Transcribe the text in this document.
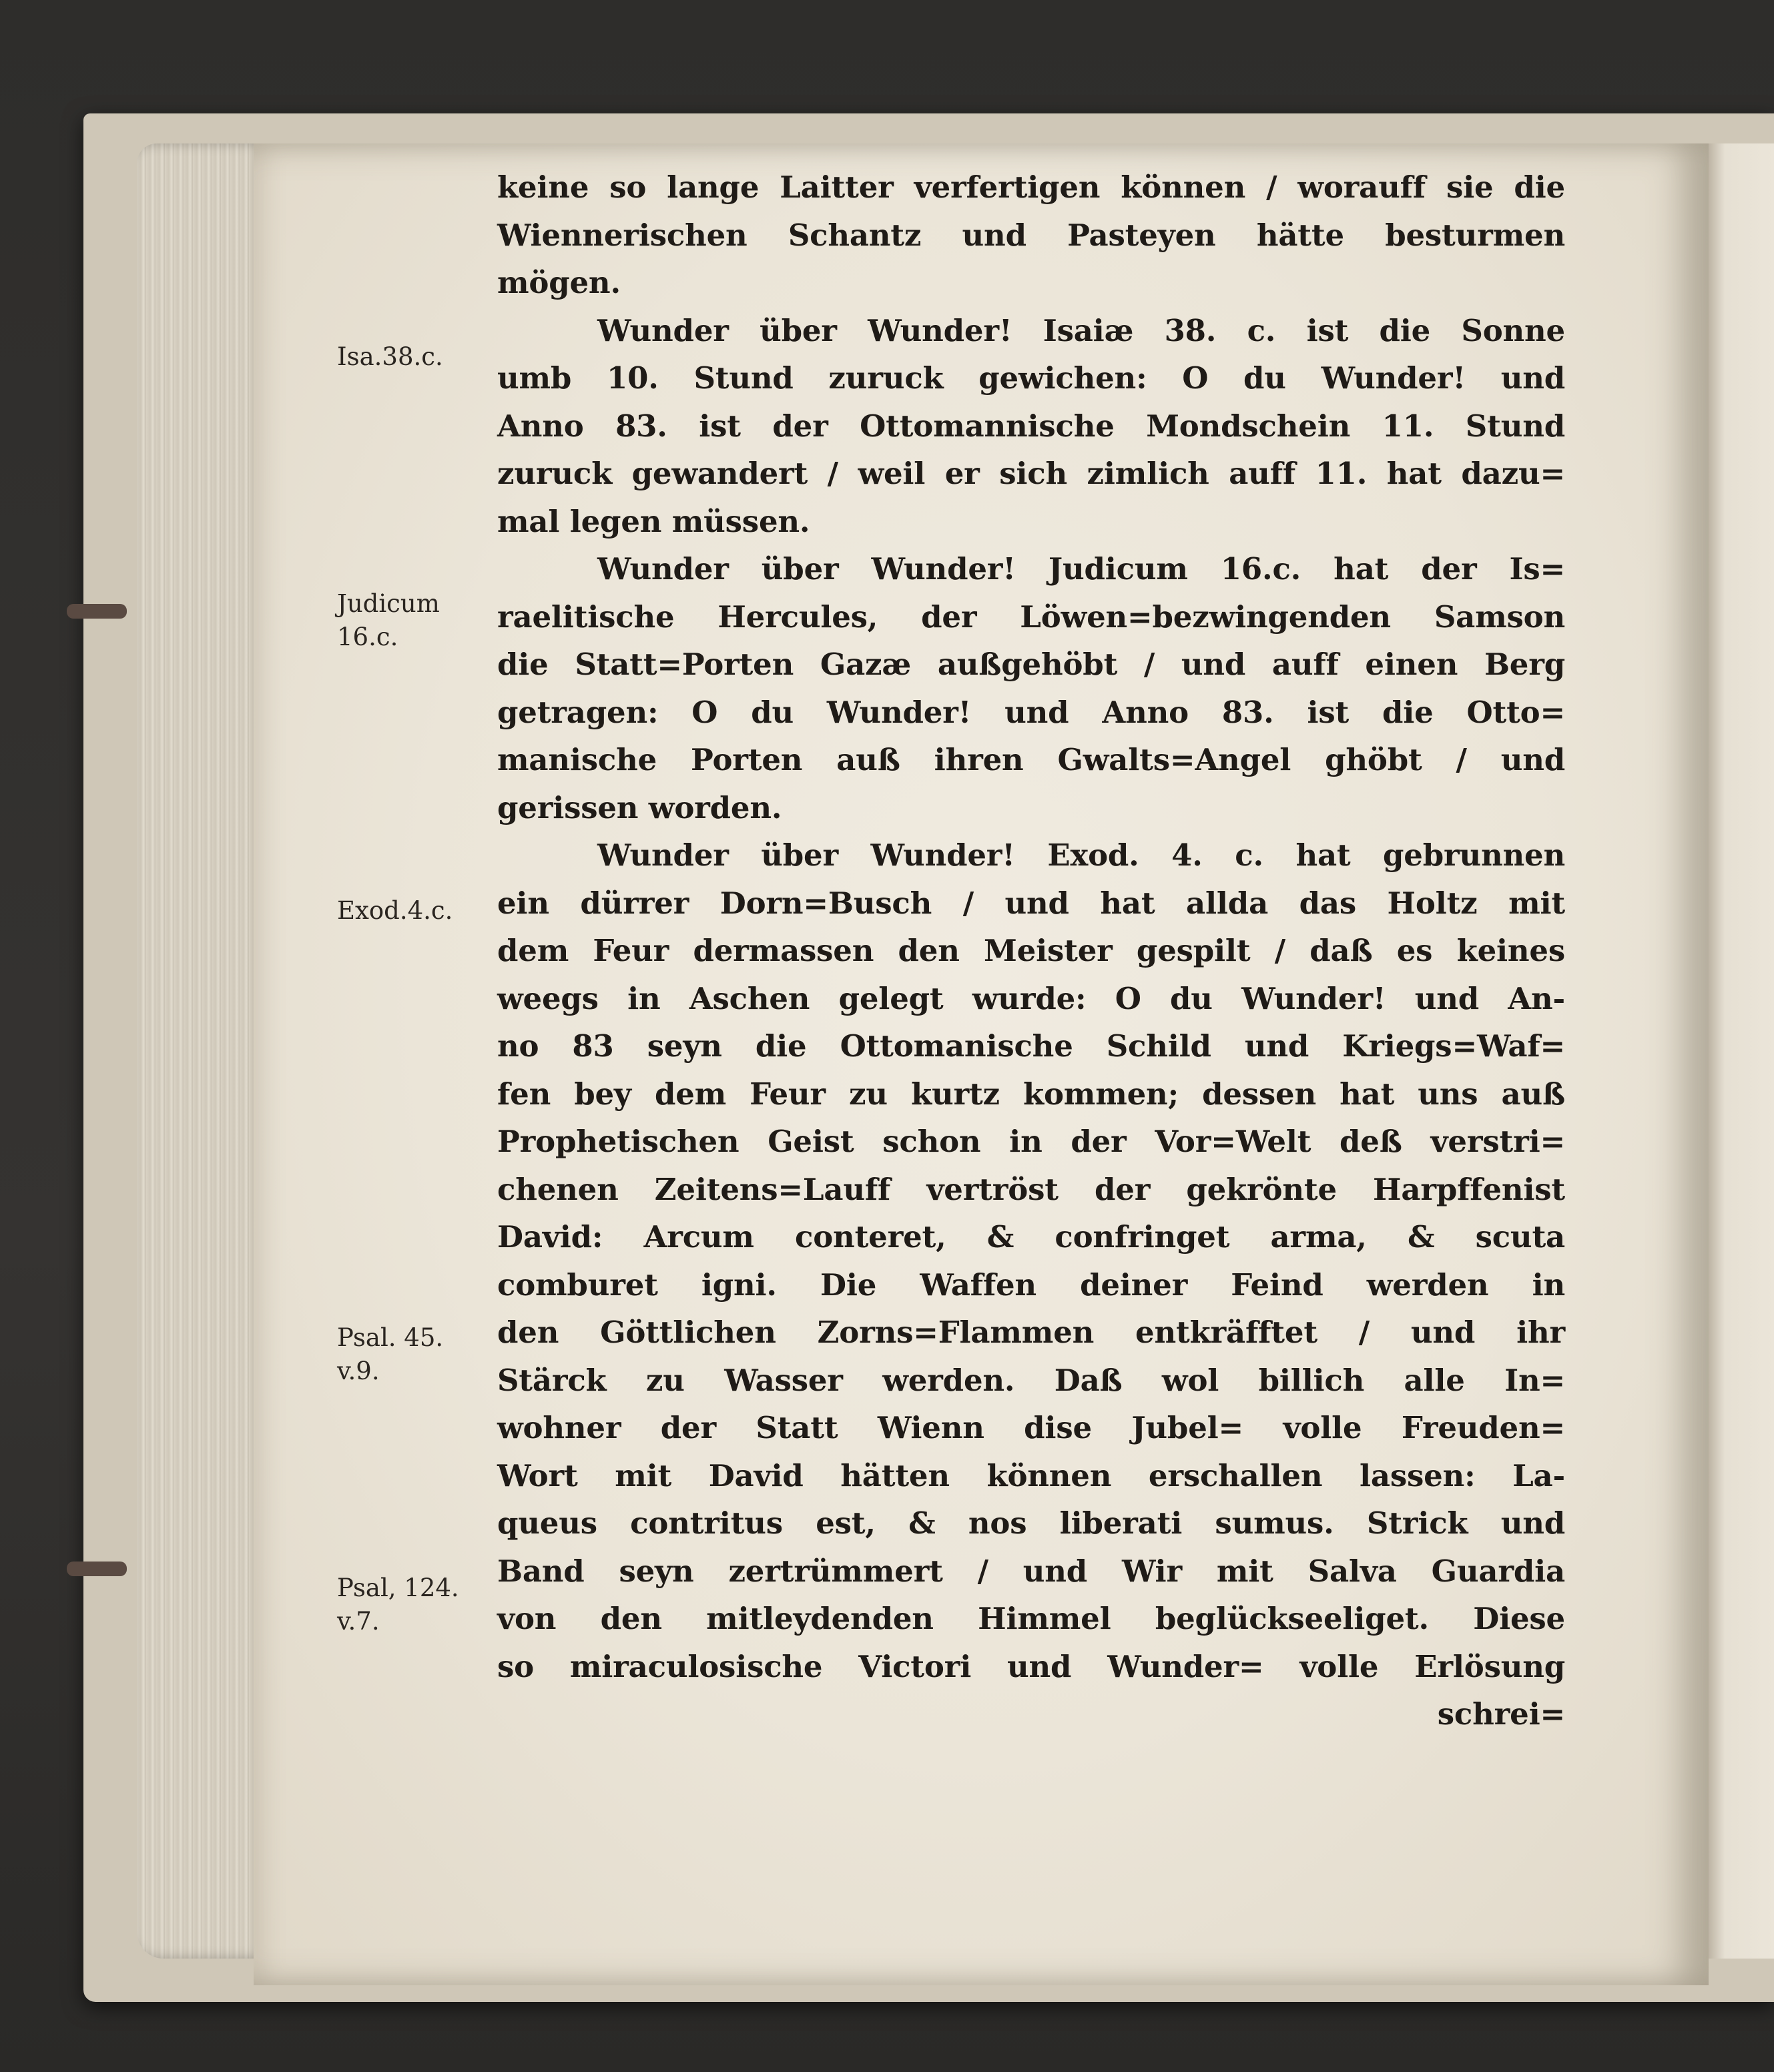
Isa.38.c.
Judicum
16.c.
Exod.4.c.
Psal. 45.
v.9.
Psal, 124.
v.7.
keine so lange Laitter verfertigen können / worauff sie die
Wiennerischen Schantz und Pasteyen hätte besturmen
mögen.
Wunder über Wunder! Isaiæ 38. c. ist die Sonne
umb 10. Stund zuruck gewichen: O du Wunder! und
Anno 83. ist der Ottomannische Mondschein 11. Stund
zuruck gewandert / weil er sich zimlich auff 11. hat dazu=
mal legen müssen.
Wunder über Wunder! Judicum 16.c. hat der Is=
raelitische Hercules, der Löwen=bezwingenden Samson
die Statt=Porten Gazæ außgehöbt / und auff einen Berg
getragen: O du Wunder! und Anno 83. ist die Otto=
manische Porten auß ihren Gwalts=Angel ghöbt / und
gerissen worden.
Wunder über Wunder! Exod. 4. c. hat gebrunnen
ein dürrer Dorn=Busch / und hat allda das Holtz mit
dem Feur dermassen den Meister gespilt / daß es keines
weegs in Aschen gelegt wurde: O du Wunder! und An-
no 83 seyn die Ottomanische Schild und Kriegs=Waf=
fen bey dem Feur zu kurtz kommen; dessen hat uns auß
Prophetischen Geist schon in der Vor=Welt deß verstri=
chenen Zeitens=Lauff vertröst der gekrönte Harpffenist
David: Arcum conteret, & confringet arma, & scuta
comburet igni. Die Waffen deiner Feind werden in
den Göttlichen Zorns=Flammen entkräfftet / und ihr
Stärck zu Wasser werden. Daß wol billich alle In=
wohner der Statt Wienn dise Jubel= volle Freuden=
Wort mit David hätten können erschallen lassen: La-
queus contritus est, & nos liberati sumus. Strick und
Band seyn zertrümmert / und Wir mit Salva Guardia
von den mitleydenden Himmel beglückseeliget. Diese
so miraculosische Victori und Wunder= volle Erlösung
schrei=
